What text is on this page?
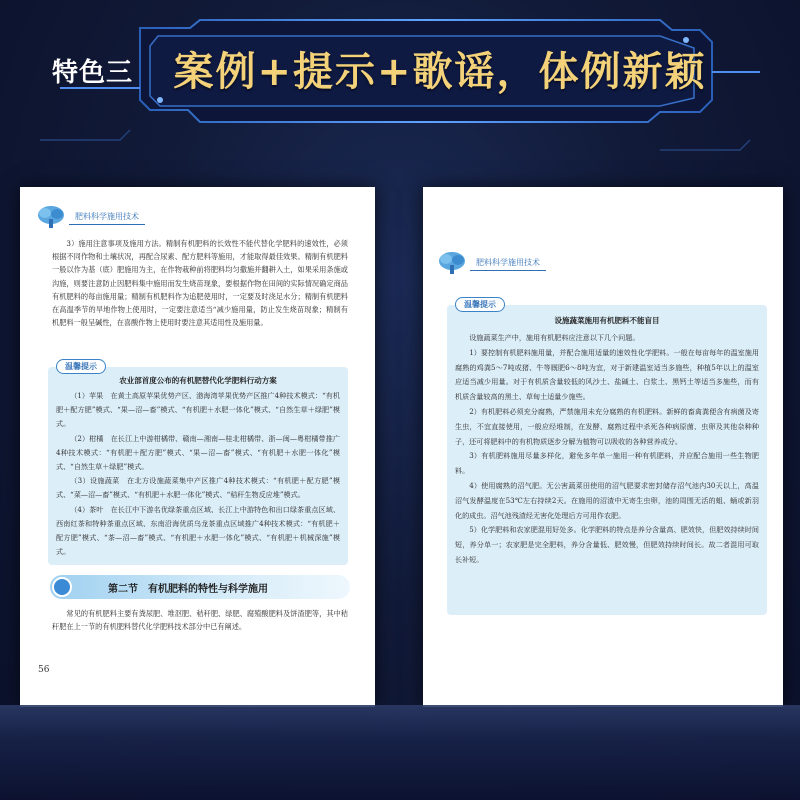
特色三 案例+提示+歌谣，体例新颖
肥料科学施用技术

3）施用注意事项及施用方法。精制有机肥料的长效性不能代替化学肥料的速效性，必须根据不同作物和土壤状况，再配合尿素、配方肥料等施用，才能取得最佳效果。精制有机肥料一般以作为基（底）肥施用为主，在作物栽种前将肥料均匀撒施并翻耕入土，如果采用条施或沟施，则要注意防止因肥料集中施用而发生烧苗现象，要根据作物在田间的实际情况确定商品有机肥料的每亩施用量；精制有机肥料作为追肥使用时，一定要及时浇足水分；精制有机肥料在高温季节的旱地作物上使用时，一定要注意适当“减少施用量，防止发生烧苗现象；精制有机肥料一般呈碱性，在喜酸作物上使用时要注意其适用性及施用量。

温馨提示
农业部首度公布的有机肥替代化学肥料行动方案

（1）苹果　在黄土高原苹果优势产区、渤海湾苹果优势产区推广4种技术模式：“有机肥＋配方肥”模式、“果—沼—畜”模式、“有机肥＋水肥一体化”模式、“自然生草＋绿肥”模式。

（2）柑橘　在长江上中游柑橘带、赣南—湘南—桂北柑橘带、浙—闽—粤柑橘带推广4种技术模式：“有机肥＋配方肥”模式、“果—沼—畜”模式、“有机肥＋水肥一体化”模式、“自然生草＋绿肥”模式。

（3）设施蔬菜　在北方设施蔬菜集中产区推广4种技术模式：“有机肥＋配方肥”模式、“菜—沼—畜”模式、“有机肥＋水肥一体化”模式、“秸秆生物反应堆”模式。

（4）茶叶　在长江中下游名优绿茶重点区域、长江上中游特色和出口绿茶重点区域、西南红茶和特种茶重点区域、东南沿海优质乌龙茶重点区域推广4种技术模式：“有机肥＋配方肥”模式、“茶—沼—畜”模式、“有机肥＋水肥一体化”模式、“有机肥＋机械深施”模式。

第二节　有机肥料的特性与科学施用

常见的有机肥料主要有粪尿肥、堆沤肥、秸秆肥、绿肥、腐殖酸肥料及饼渣肥等，其中秸秆肥在上一节的有机肥料替代化学肥料技术部分中已有阐述。

56
肥料科学施用技术
温馨提示
设施蔬菜施用有机肥料不能盲目

设施蔬菜生产中，施用有机肥料应注意以下几个问题。

1）要控制有机肥料施用量，并配合施用适量的速效性化学肥料。一般在每亩每年的温室施用腐熟的鸡粪5～7吨或猪、牛等厩肥6～8吨为宜，对于新建温室适当多施些，种植5年以上的温室应适当减少用量。对于有机质含量较低的风沙土、盐碱土、白浆土、黑钙土等适当多施些，而有机质含量较高的黑土、草甸土适量少施些。

2）有机肥料必须充分腐熟，严禁施用未充分腐熟的有机肥料。新鲜的畜禽粪便含有病菌及寄生虫，不宜直接使用，一般应经堆制，在发酵、腐熟过程中杀死各种病原菌、虫卵及其他杂种种子，还可将肥料中的有机物质逐步分解为植物可以吸收的各种营养成分。

3）有机肥料施用尽量多样化，避免多年单一施用一种有机肥料，并应配合施用一些生物肥料。

4）使用腐熟的沼气肥。无公害蔬菜田使用的沼气肥要求密封储存沼气池内30天以上，高温沼气发酵温度在53℃左右持续2天。在施用的沼渣中无寄生虫卵，池的周围无活的蛆、蛹或新羽化的成虫。沼气池残渣经无害化处理后方可用作农肥。

5）化学肥料和农家肥混用好处多。化学肥料的特点是养分含量高、肥效快，但肥效持续时间短，养分单一；农家肥是完全肥料，养分含量低、肥效慢，但肥效持续时间长。故二者混用可取长补短。
